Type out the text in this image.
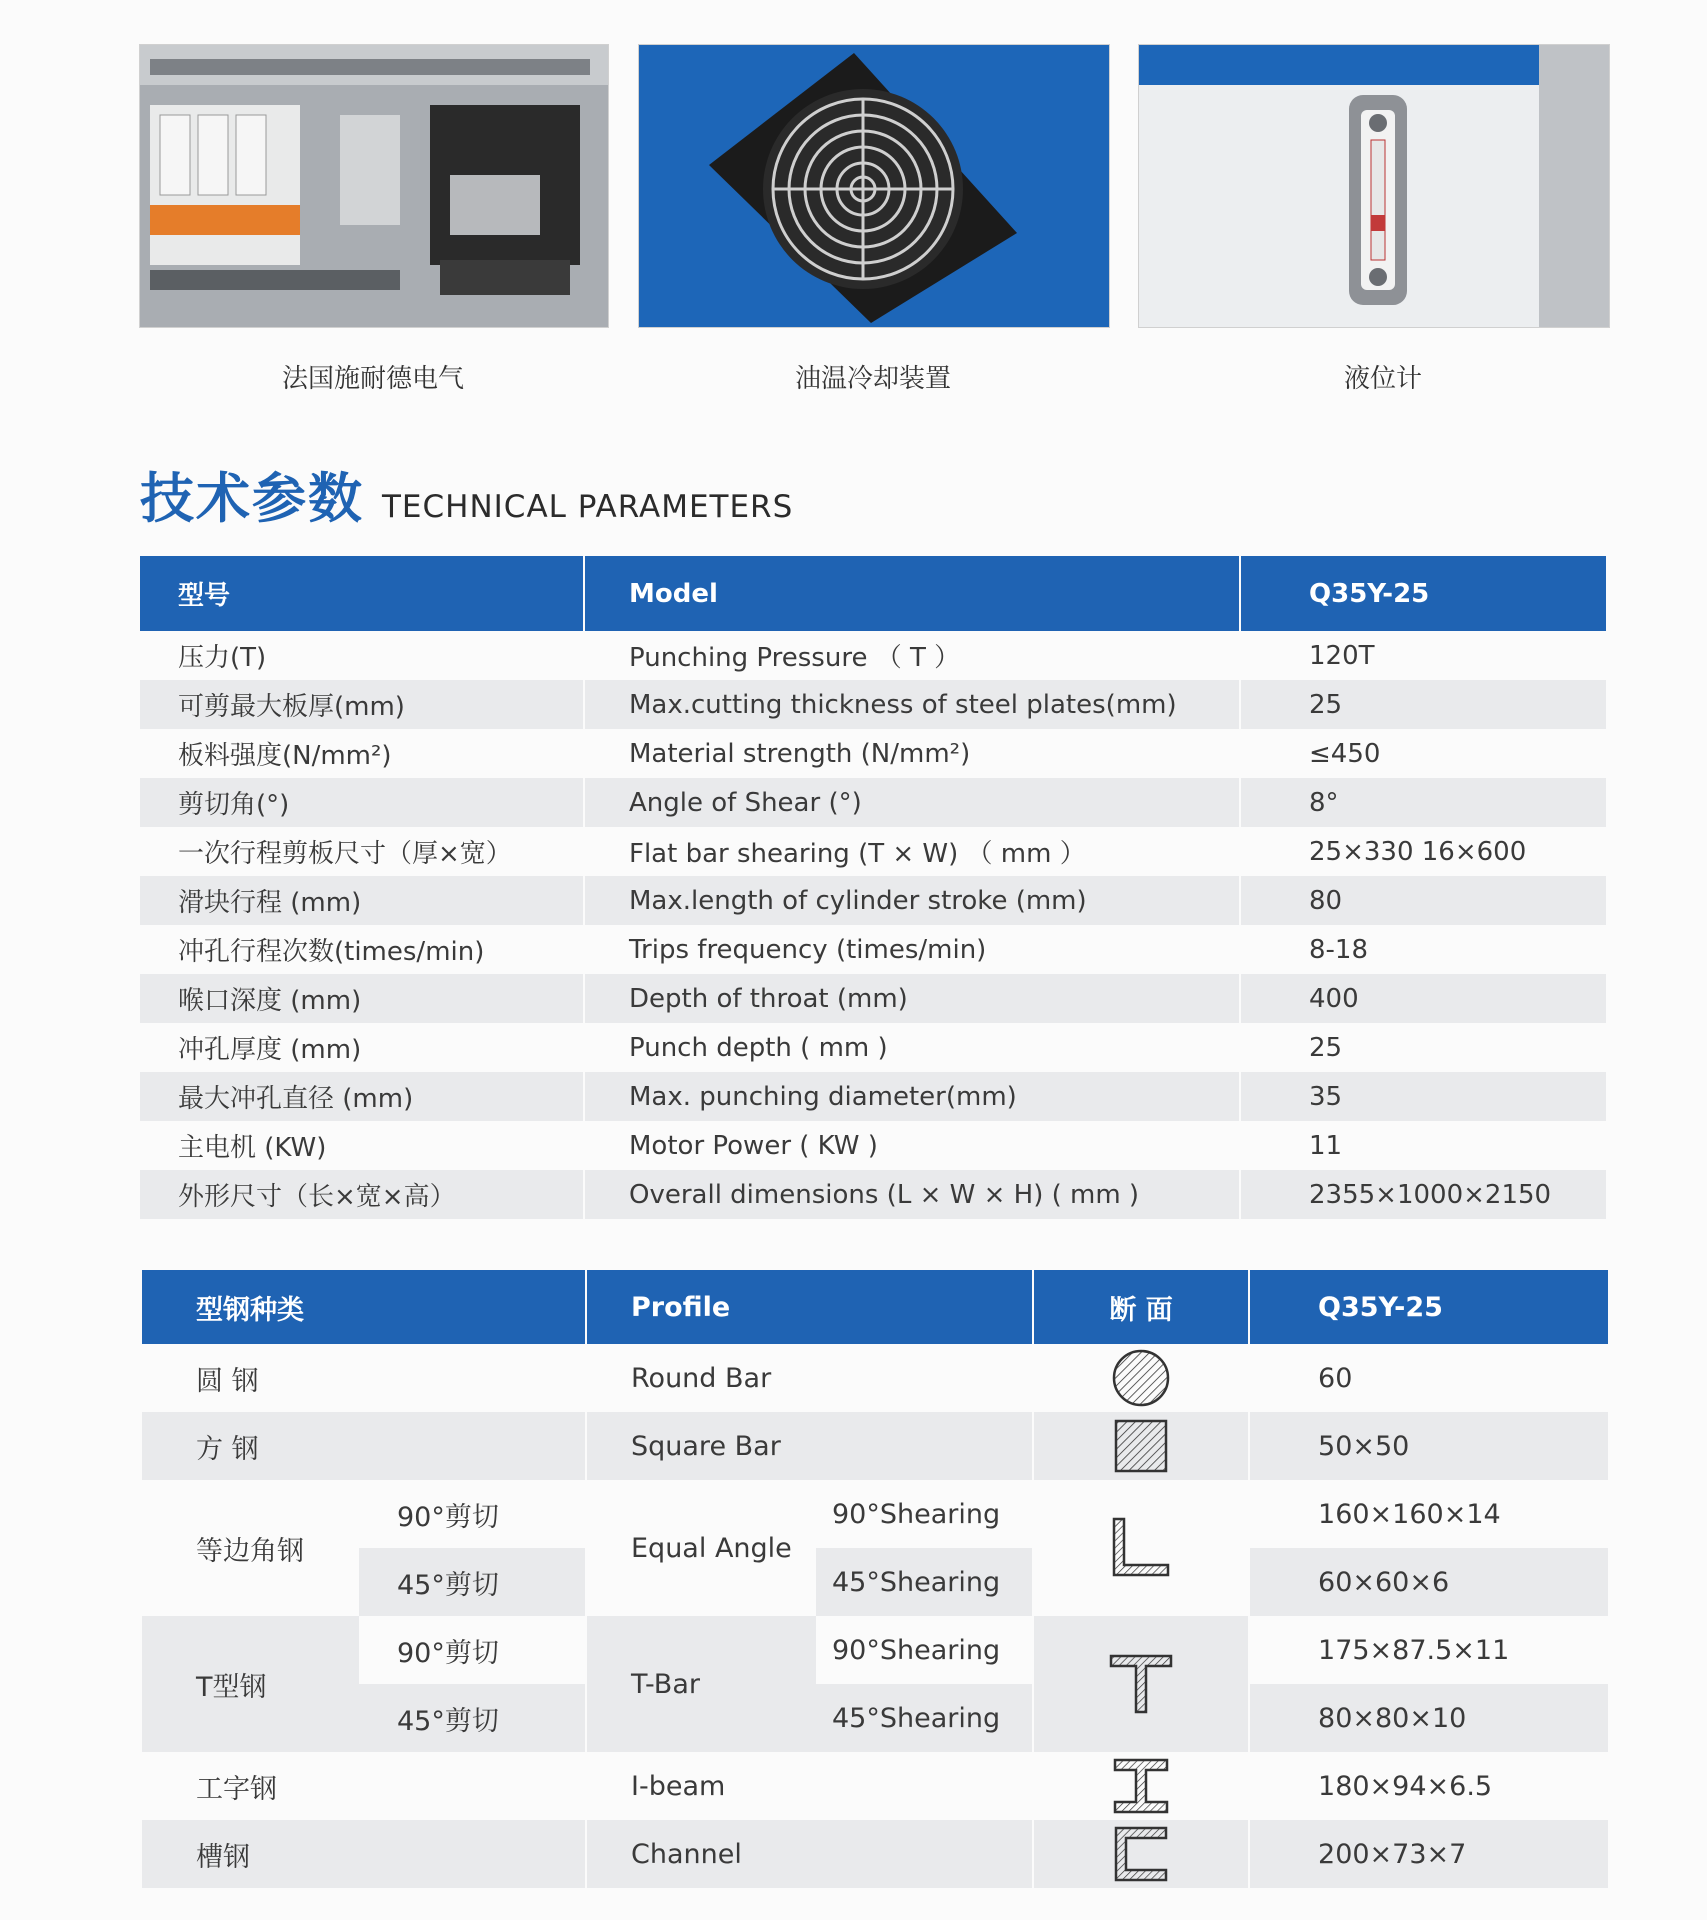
法国施耐德电气	油温冷却装置	液位计
技术参数 TECHNICAL PARAMETERS
型号	Model	Q35Y-25
压力(T)	Punching Pressure （ T ）	120T
可剪最大板厚(mm)	Max.cutting thickness of steel plates(mm)	25
板料强度(N/mm²)	Material strength (N/mm²)	≤450
剪切角(°)	Angle of Shear (°)	8°
一次行程剪板尺寸（厚×宽）	Flat bar shearing (T × W) （ mm ）	25×330 16×600
滑块行程 (mm)	Max.length of cylinder stroke (mm)	80
冲孔行程次数(times/min)	Trips frequency (times/min)	8-18
喉口深度 (mm)	Depth of throat (mm)	400
冲孔厚度 (mm)	Punch depth ( mm )	25
最大冲孔直径 (mm)	Max. punching diameter(mm)	35
主电机 (KW)	Motor Power ( KW )	11
外形尺寸（长×宽×高）	Overall dimensions (L × W × H) ( mm )	2355×1000×2150
型钢种类		Profile		断 面	Q35Y-25
圆 钢		Round Bar			60
方 钢		Square Bar			50×50
等边角钢	90°剪切	Equal Angle	90°Shearing		160×160×14
	45°剪切		45°Shearing		60×60×6
T型钢	90°剪切	T-Bar	90°Shearing		175×87.5×11
	45°剪切		45°Shearing		80×80×10
工字钢		I-beam			180×94×6.5
槽钢		Channel			200×73×7
